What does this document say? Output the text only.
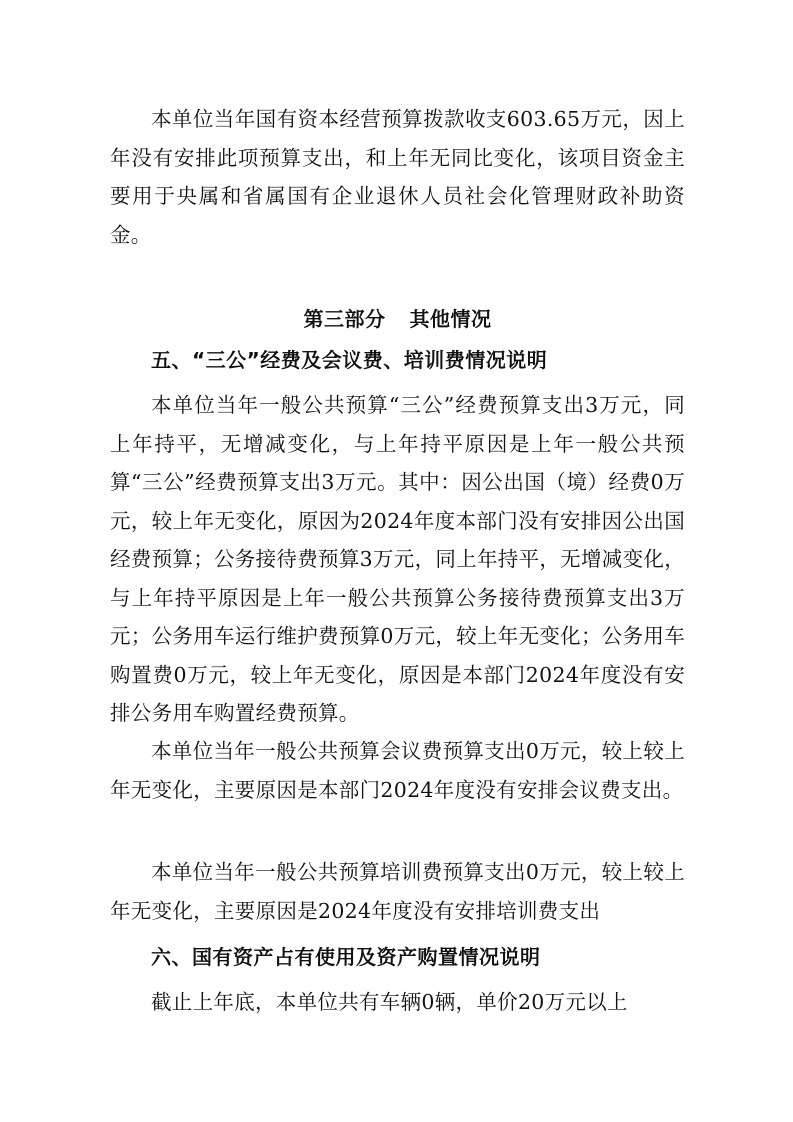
本单位当年国有资本经营预算拨款收支603.65万元，因上年没有安排此项预算支出，和上年无同比变化，该项目资金主要用于央属和省属国有企业退休人员社会化管理财政补助资金。

第三部分 其他情况
五、“三公”经费及会议费、培训费情况说明

本单位当年一般公共预算“三公”经费预算支出3万元，同上年持平，无增减变化，与上年持平原因是上年一般公共预算“三公”经费预算支出3万元。其中：因公出国（境）经费0万元，较上年无变化，原因为2024年度本部门没有安排因公出国经费预算；公务接待费预算3万元，同上年持平，无增减变化，与上年持平原因是上年一般公共预算公务接待费预算支出3万元；公务用车运行维护费预算0万元，较上年无变化；公务用车购置费0万元，较上年无变化，原因是本部门2024年度没有安排公务用车购置经费预算。

本单位当年一般公共预算会议费预算支出0万元，较上较上年无变化，主要原因是本部门2024年度没有安排会议费支出。

本单位当年一般公共预算培训费预算支出0万元，较上较上年无变化，主要原因是2024年度没有安排培训费支出

六、国有资产占有使用及资产购置情况说明

截止上年底，本单位共有车辆0辆，单价20万元以上
